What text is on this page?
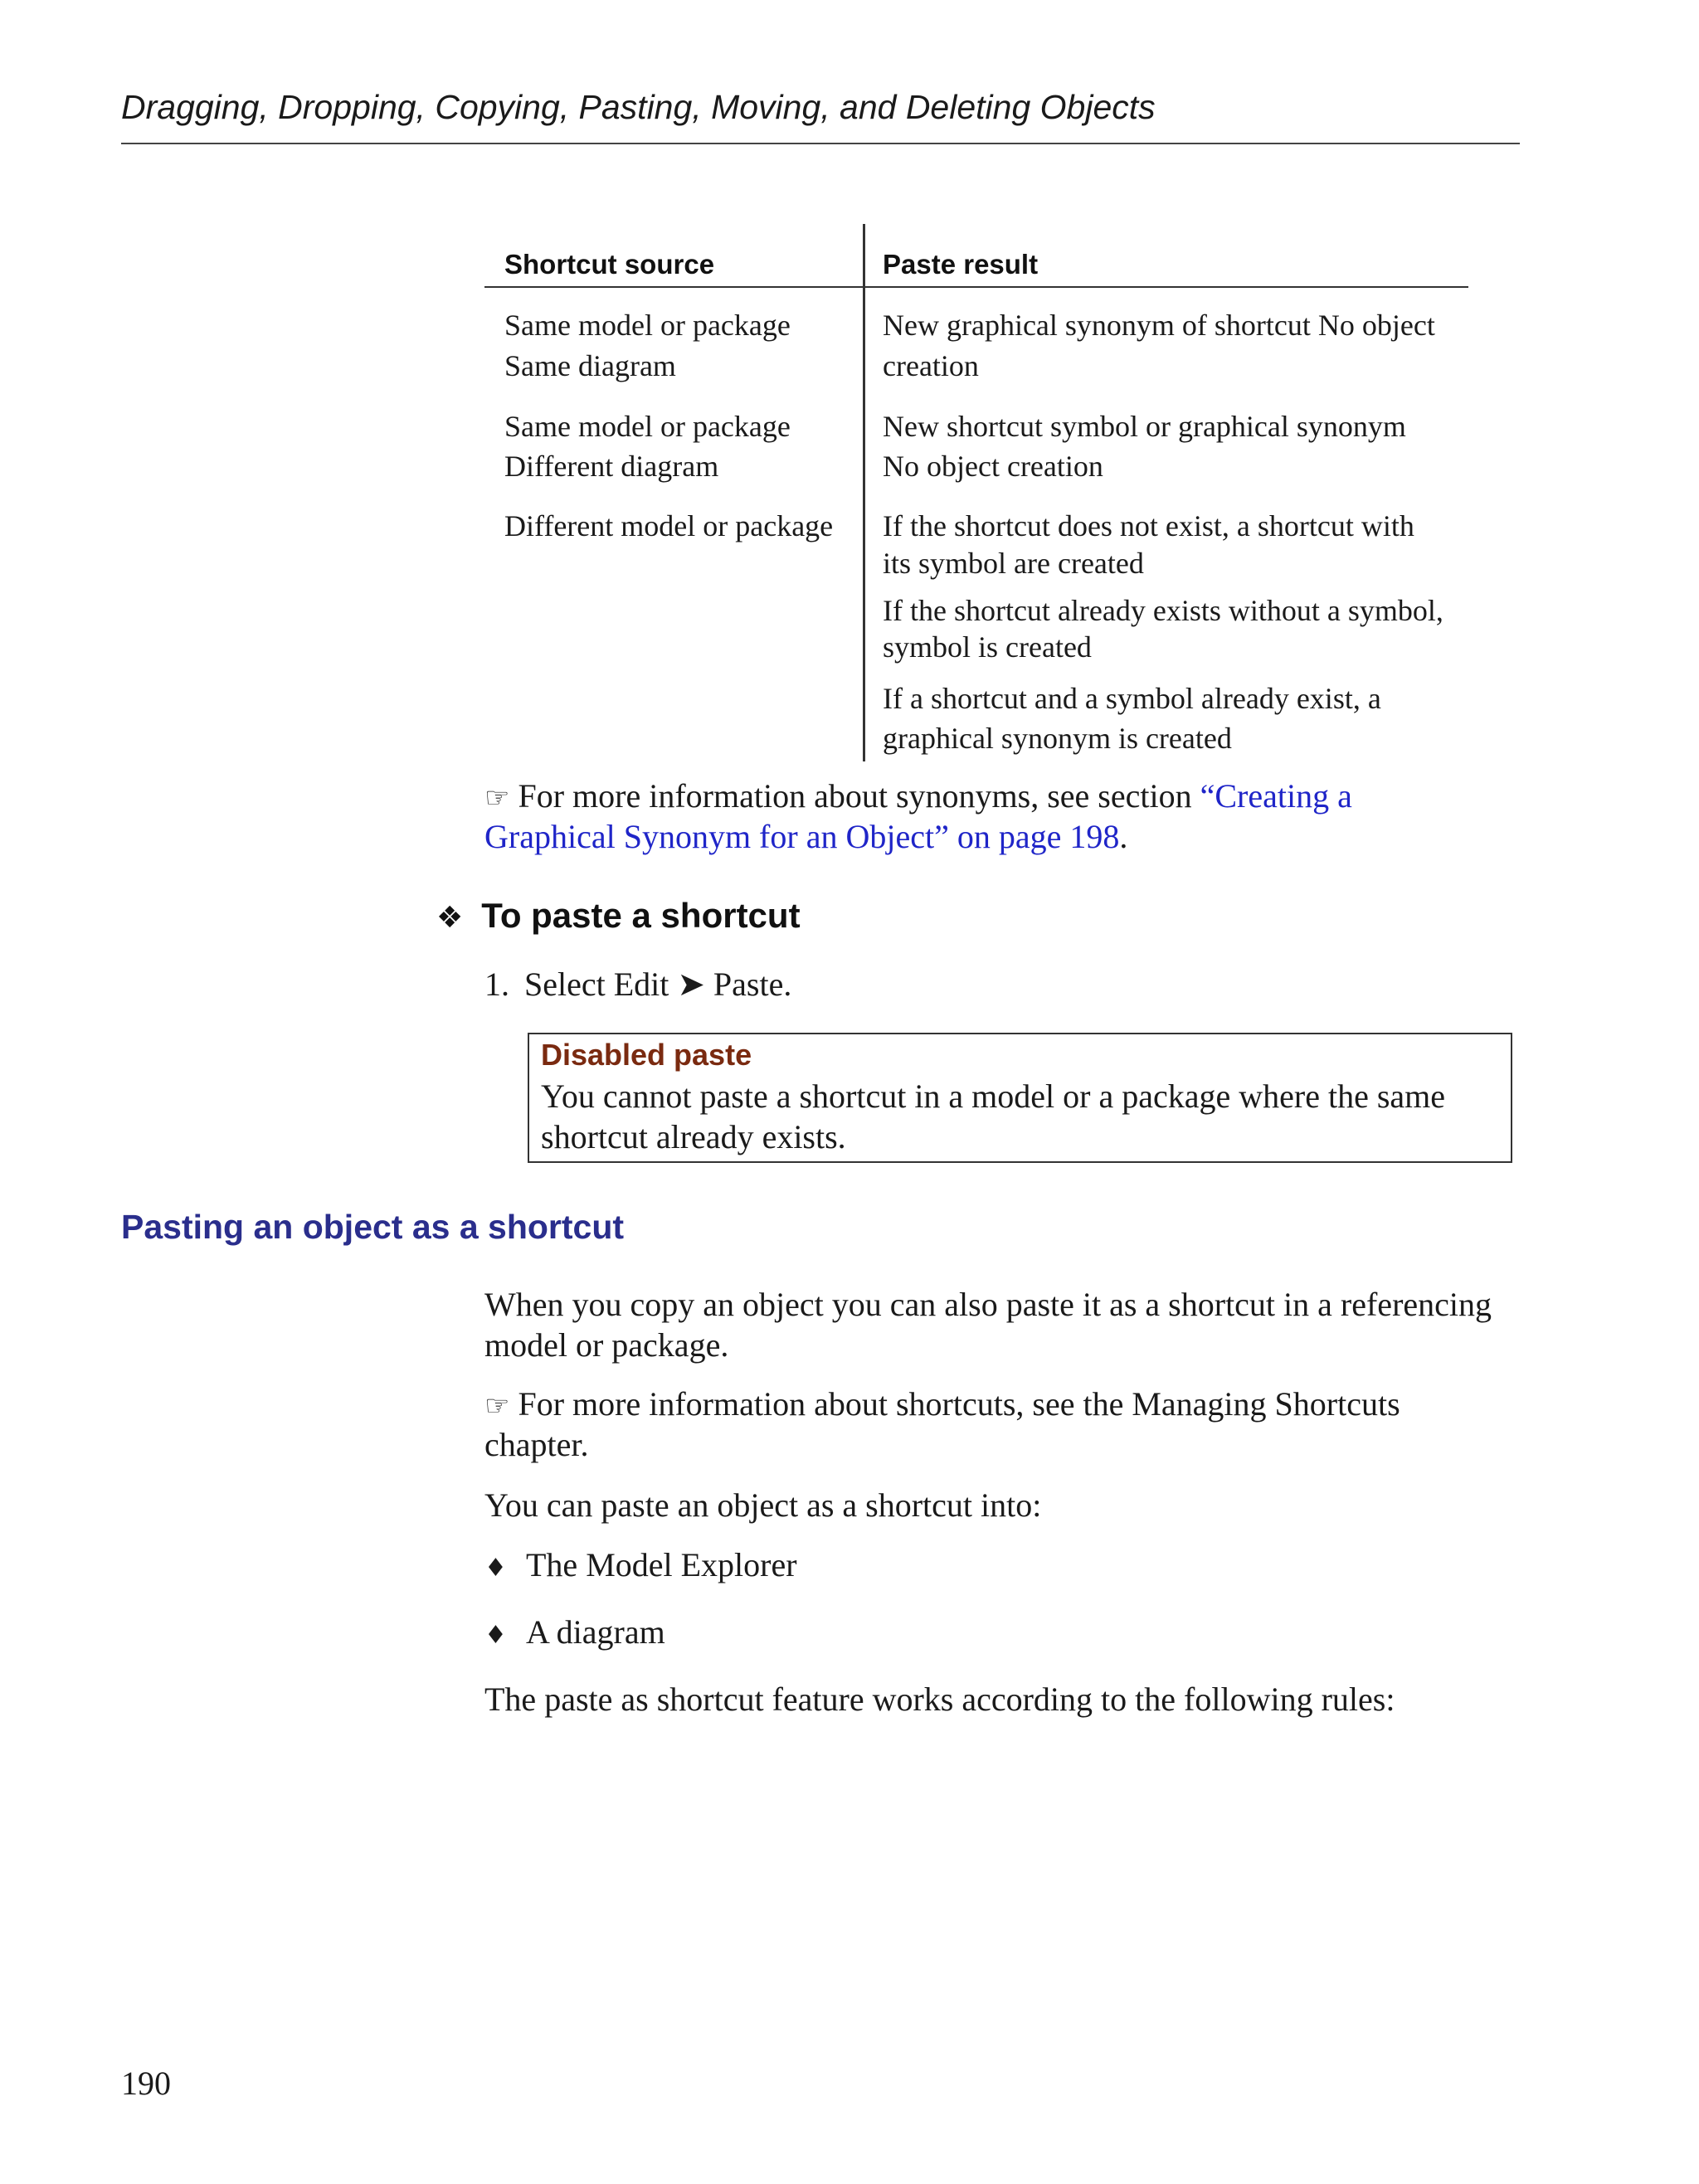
Dragging, Dropping, Copying, Pasting, Moving, and Deleting Objects
Shortcut source	Paste result
Same model or package
Same diagram
New graphical synonym of shortcut No object
creation
Same model or package
Different diagram
New shortcut symbol or graphical synonym
No object creation
Different model or package If the shortcut does not exist, a shortcut with
its symbol are created
If the shortcut already exists without a symbol,
symbol is created
If a shortcut and a symbol already exist, a
graphical synonym is created
☞ For more information about synonyms, see section “Creating a
Graphical Synonym for an Object” on page 198.
❖ To paste a shortcut
1. Select Edit ➤ Paste.
Disabled paste
You cannot paste a shortcut in a model or a package where the same shortcut already exists.
Pasting an object as a shortcut
When you copy an object you can also paste it as a shortcut in a referencing
model or package.
☞ For more information about shortcuts, see the Managing Shortcuts
chapter.
You can paste an object as a shortcut into:
♦ The Model Explorer
♦ A diagram
The paste as shortcut feature works according to the following rules:
190
